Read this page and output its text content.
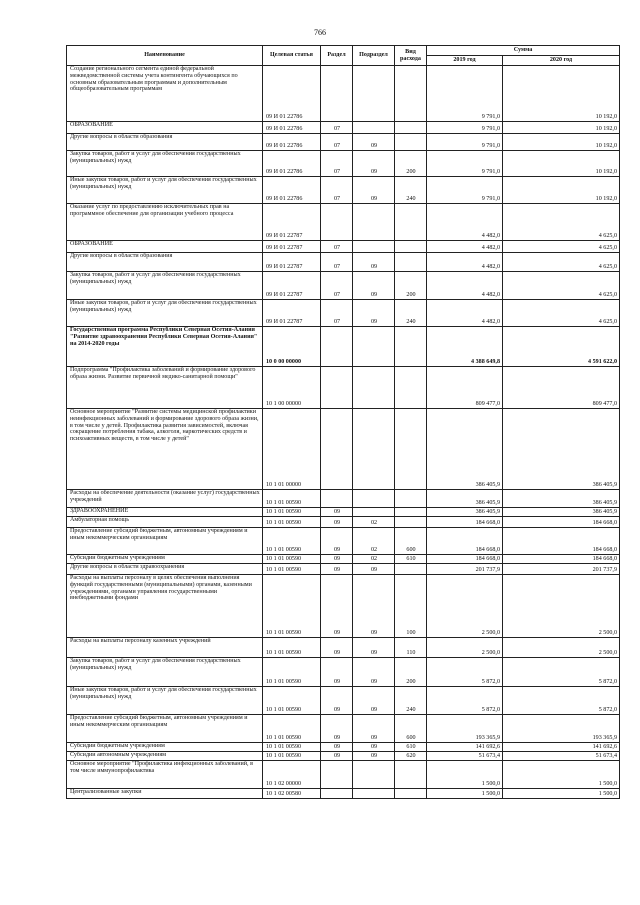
766
Наименование	Целевая статья	Раздел	Подраздел	Вид расхода	Сумма	
					2019 год	2020 год
Создание регионального сегмента единой федеральной межведомственной системы учета контингента обучающихся по основным образовательным программам и дополнительным общеобразовательным программам	09 И 01 22786				9 791,0	10 192,0
ОБРАЗОВАНИЕ	09 И 01 22786	07			9 791,0	10 192,0
Другие вопросы в области образования	09 И 01 22786	07	09		9 791,0	10 192,0
Закупка товаров, работ и услуг для обеспечения государственных (муниципальных) нужд	09 И 01 22786	07	09	200	9 791,0	10 192,0
Иные закупки товаров, работ и услуг для обеспечения государственных (муниципальных) нужд	09 И 01 22786	07	09	240	9 791,0	10 192,0
Оказание услуг по предоставлению исключительных прав на программное обеспечение для организации учебного процесса	09 И 01 22787				4 482,0	4 625,0
ОБРАЗОВАНИЕ	09 И 01 22787	07			4 482,0	4 625,0
Другие вопросы в области образования	09 И 01 22787	07	09		4 482,0	4 625,0
Закупка товаров, работ и услуг для обеспечения государственных (муниципальных) нужд	09 И 01 22787	07	09	200	4 482,0	4 625,0
Иные закупки товаров, работ и услуг для обеспечения государственных (муниципальных) нужд	09 И 01 22787	07	09	240	4 482,0	4 625,0
Государственная программа Республики Северная Осетия-Алания "Развитие здравоохранения Республики Северная Осетия-Алания" на 2014-2020 годы	10 0 00 00000				4 388 649,8	4 591 622,0
Подпрограмма "Профилактика заболеваний и формирование здорового образа жизни. Развитие первичной медико-санитарной помощи"	10 1 00 00000				809 477,0	809 477,0
Основное мероприятие "Развитие системы медицинской профилактики неинфекционных заболеваний и формирование здорового образа жизни, в том числе у детей. Профилактика развития зависимостей, включая сокращение потребления табака, алкоголя, наркотических средств и психоактивных веществ, в том числе у детей"	10 1 01 00000				386 405,9	386 405,9
Расходы на обеспечение деятельности (оказание услуг) государственных учреждений	10 1 01 00590				386 405,9	386 405,9
ЗДРАВООХРАНЕНИЕ	10 1 01 00590	09			386 405,9	386 405,9
Амбулаторная помощь	10 1 01 00590	09	02		184 668,0	184 668,0
Предоставление субсидий бюджетным, автономным учреждениям и иным некоммерческим организациям	10 1 01 00590	09	02	600	184 668,0	184 668,0
Субсидии бюджетным учреждениям	10 1 01 00590	09	02	610	184 668,0	184 668,0
Другие вопросы в области здравоохранения	10 1 01 00590	09	09		201 737,9	201 737,9
Расходы на выплаты персоналу в целях обеспечения выполнения функций государственными (муниципальными) органами, казенными учреждениями, органами управления государственными внебюджетными фондами	10 1 01 00590	09	09	100	2 500,0	2 500,0
Расходы на выплаты персоналу казенных учреждений	10 1 01 00590	09	09	110	2 500,0	2 500,0
Закупка товаров, работ и услуг для обеспечения государственных (муниципальных) нужд	10 1 01 00590	09	09	200	5 872,0	5 872,0
Иные закупки товаров, работ и услуг для обеспечения государственных (муниципальных) нужд	10 1 01 00590	09	09	240	5 872,0	5 872,0
Предоставление субсидий бюджетным, автономным учреждениям и иным некоммерческим организациям	10 1 01 00590	09	09	600	193 365,9	193 365,9
Субсидии бюджетным учреждениям	10 1 01 00590	09	09	610	141 692,6	141 692,6
Субсидии автономным учреждениям	10 1 01 00590	09	09	620	51 673,4	51 673,4
Основное мероприятие "Профилактика инфекционных заболеваний, в том числе иммунопрофилактика	10 1 02 00000				1 500,0	1 500,0
Централизованные закупки	10 1 02 00580				1 500,0	1 500,0
